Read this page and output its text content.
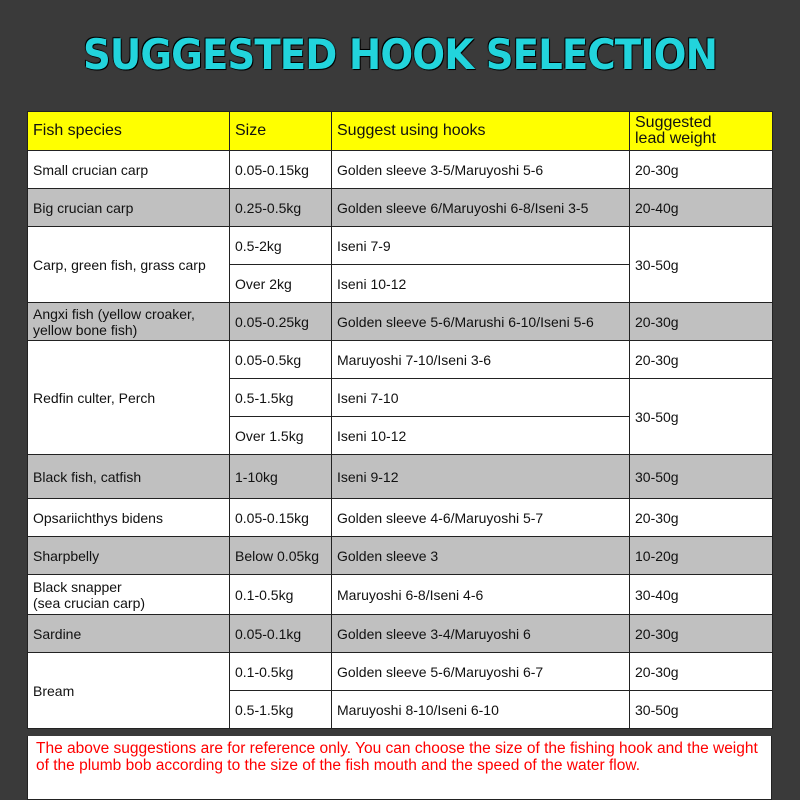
SUGGESTED HOOK SELECTION
Fish species	Size	Suggest using hooks	Suggested
lead weight
Small crucian carp	0.05-0.15kg	Golden sleeve 3-5/Maruyoshi 5-6	20-30g
Big crucian carp	0.25-0.5kg	Golden sleeve 6/Maruyoshi 6-8/Iseni 3-5	20-40g
Carp, green fish, grass carp	0.5-2kg	Iseni 7-9	30-50g
	Over 2kg	Iseni 10-12	
Angxi fish (yellow croaker,
yellow bone fish)	0.05-0.25kg	Golden sleeve 5-6/Marushi 6-10/Iseni 5-6	20-30g
Redfin culter, Perch	0.05-0.5kg	Maruyoshi 7-10/Iseni 3-6	20-30g
	0.5-1.5kg	Iseni 7-10	30-50g
	Over 1.5kg	Iseni 10-12	
Black fish, catfish	1-10kg	Iseni 9-12	30-50g
Opsariichthys bidens	0.05-0.15kg	Golden sleeve 4-6/Maruyoshi 5-7	20-30g
Sharpbelly	Below 0.05kg	Golden sleeve 3	10-20g
Black snapper
(sea crucian carp)	0.1-0.5kg	Maruyoshi 6-8/Iseni 4-6	30-40g
Sardine	0.05-0.1kg	Golden sleeve 3-4/Maruyoshi 6	20-30g
Bream	0.1-0.5kg	Golden sleeve 5-6/Maruyoshi 6-7	20-30g
	0.5-1.5kg	Maruyoshi 8-10/Iseni 6-10	30-50g
The above suggestions are for reference only. You can choose the size of the fishing hook and the weight of the plumb bob according to the size of the fish mouth and the speed of the water flow.
